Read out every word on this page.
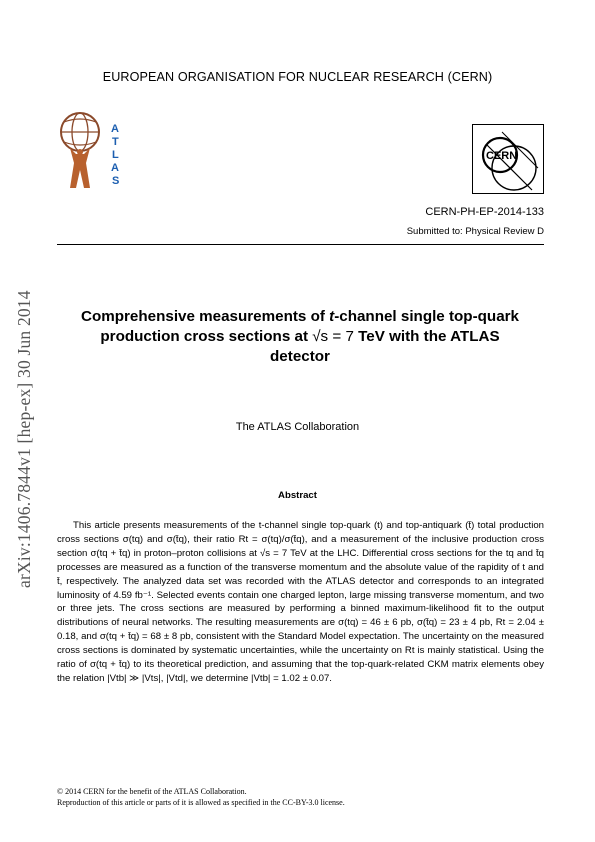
arXiv:1406.7844v1 [hep-ex] 30 Jun 2014
EUROPEAN ORGANISATION FOR NUCLEAR RESEARCH (CERN)
A
T
L
A
S
CERN
CERN-PH-EP-2014-133
Submitted to: Physical Review D
Comprehensive measurements of t-channel single top-quark
production cross sections at √s = 7 TeV with the ATLAS
detector
The ATLAS Collaboration
Abstract
This article presents measurements of the t-channel single top-quark (t) and top-antiquark (t̄) total production cross sections σ(tq) and σ(t̄q), their ratio Rt = σ(tq)/σ(t̄q), and a measurement of the inclusive production cross section σ(tq + t̄q) in proton–proton collisions at √s = 7 TeV at the LHC. Differential cross sections for the tq and t̄q processes are measured as a function of the transverse momentum and the absolute value of the rapidity of t and t̄, respectively. The analyzed data set was recorded with the ATLAS detector and corresponds to an integrated luminosity of 4.59 fb⁻¹. Selected events contain one charged lepton, large missing transverse momentum, and two or three jets. The cross sections are measured by performing a binned maximum-likelihood fit to the output distributions of neural networks. The resulting measurements are σ(tq) = 46 ± 6 pb, σ(t̄q) = 23 ± 4 pb, Rt = 2.04 ± 0.18, and σ(tq + t̄q) = 68 ± 8 pb, consistent with the Standard Model expectation. The uncertainty on the measured cross sections is dominated by systematic uncertainties, while the uncertainty on Rt is mainly statistical. Using the ratio of σ(tq + t̄q) to its theoretical prediction, and assuming that the top-quark-related CKM matrix elements obey the relation |Vtb| ≫ |Vts|, |Vtd|, we determine |Vtb| = 1.02 ± 0.07.
© 2014 CERN for the benefit of the ATLAS Collaboration.
Reproduction of this article or parts of it is allowed as specified in the CC-BY-3.0 license.
